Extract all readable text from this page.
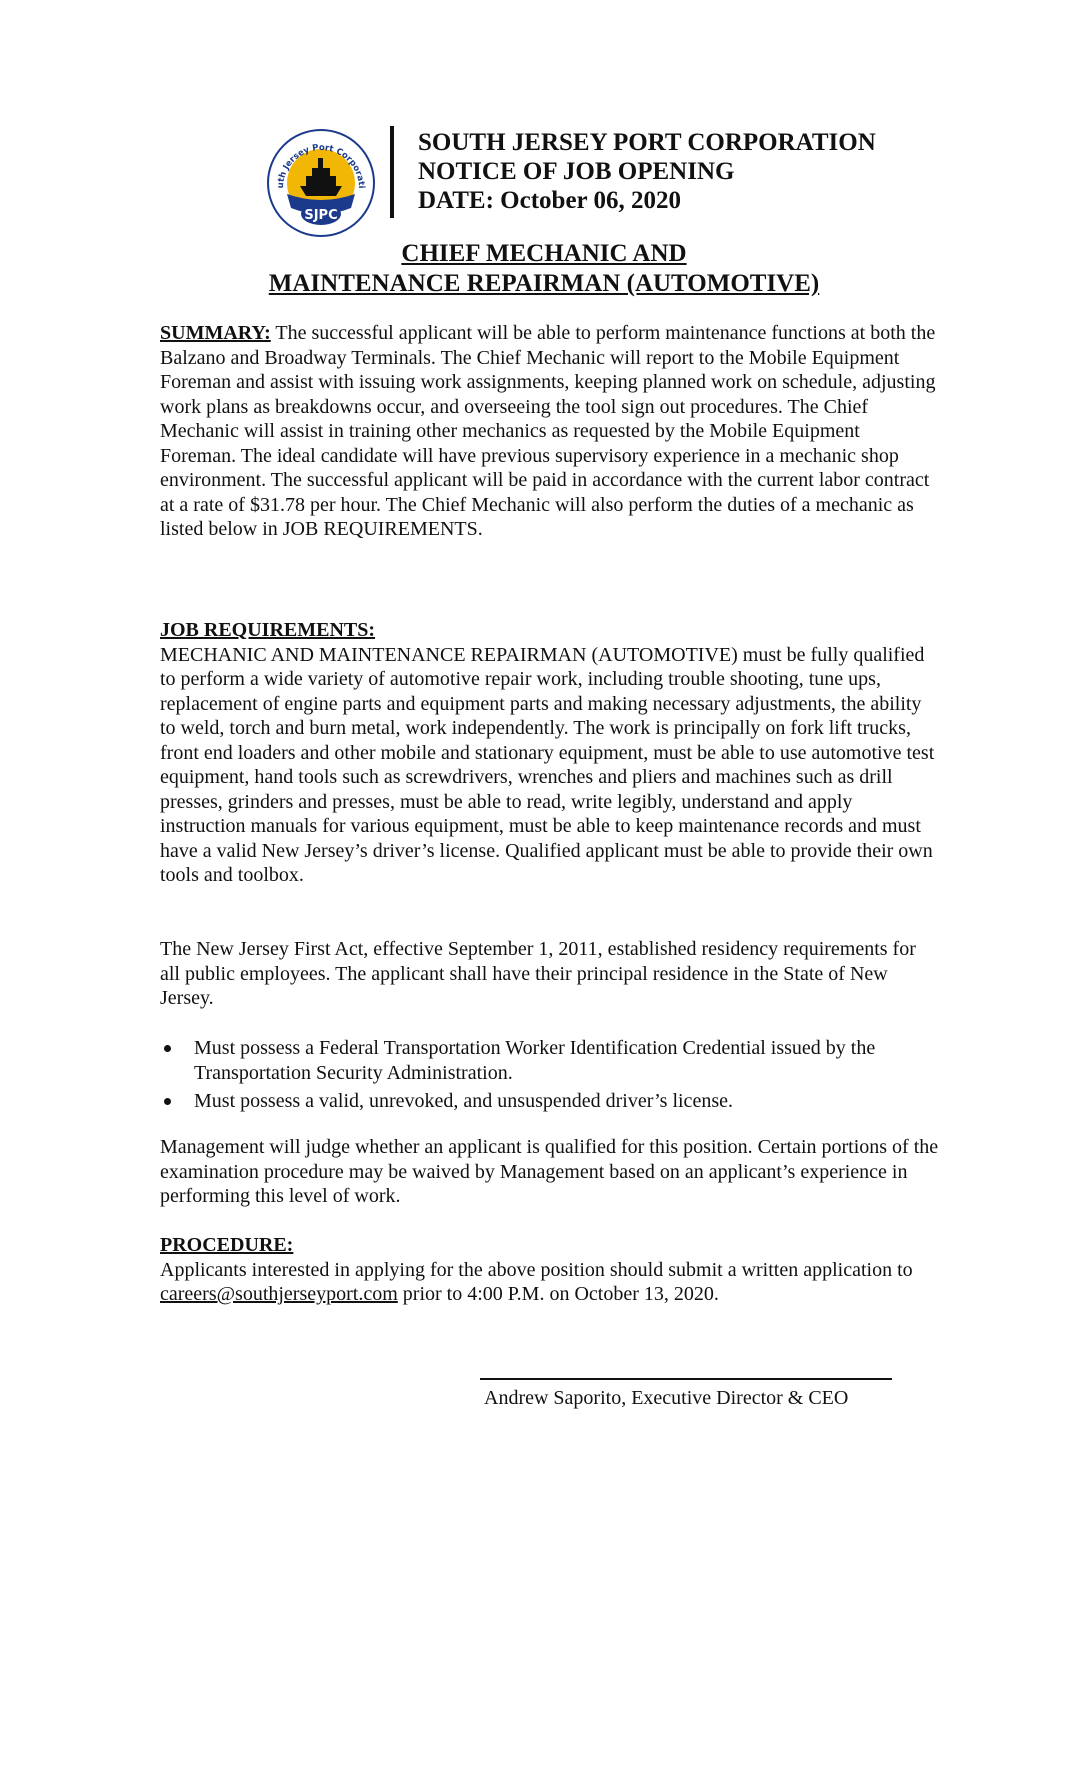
SJPC
uth Jersey Port Corporati
SOUTH JERSEY PORT CORPORATION
NOTICE OF JOB OPENING
DATE: October 06, 2020
CHIEF MECHANIC AND
MAINTENANCE REPAIRMAN (AUTOMOTIVE)
SUMMARY: The successful applicant will be able to perform maintenance functions at both the Balzano and Broadway Terminals. The Chief Mechanic will report to the Mobile Equipment Foreman and assist with issuing work assignments, keeping planned work on schedule, adjusting work plans as breakdowns occur, and overseeing the tool sign out procedures. The Chief Mechanic will assist in training other mechanics as requested by the Mobile Equipment Foreman. The ideal candidate will have previous supervisory experience in a mechanic shop environment. The successful applicant will be paid in accordance with the current labor contract at a rate of $31.78 per hour. The Chief Mechanic will also perform the duties of a mechanic as listed below in JOB REQUIREMENTS.
JOB REQUIREMENTS:
MECHANIC AND MAINTENANCE REPAIRMAN (AUTOMOTIVE) must be fully qualified to perform a wide variety of automotive repair work, including trouble shooting, tune ups, replacement of engine parts and equipment parts and making necessary adjustments, the ability to weld, torch and burn metal, work independently. The work is principally on fork lift trucks, front end loaders and other mobile and stationary equipment, must be able to use automotive test equipment, hand tools such as screwdrivers, wrenches and pliers and machines such as drill presses, grinders and presses, must be able to read, write legibly, understand and apply instruction manuals for various equipment, must be able to keep maintenance records and must have a valid New Jersey’s driver’s license. Qualified applicant must be able to provide their own tools and toolbox.
The New Jersey First Act, effective September 1, 2011, established residency requirements for all public employees. The applicant shall have their principal residence in the State of New Jersey.
Must possess a Federal Transportation Worker Identification Credential issued by the Transportation Security Administration.
Must possess a valid, unrevoked, and unsuspended driver’s license.
Management will judge whether an applicant is qualified for this position. Certain portions of the examination procedure may be waived by Management based on an applicant’s experience in performing this level of work.
PROCEDURE:
Applicants interested in applying for the above position should submit a written application to careers@southjerseyport.com prior to 4:00 P.M. on October 13, 2020.
Andrew Saporito, Executive Director & CEO
